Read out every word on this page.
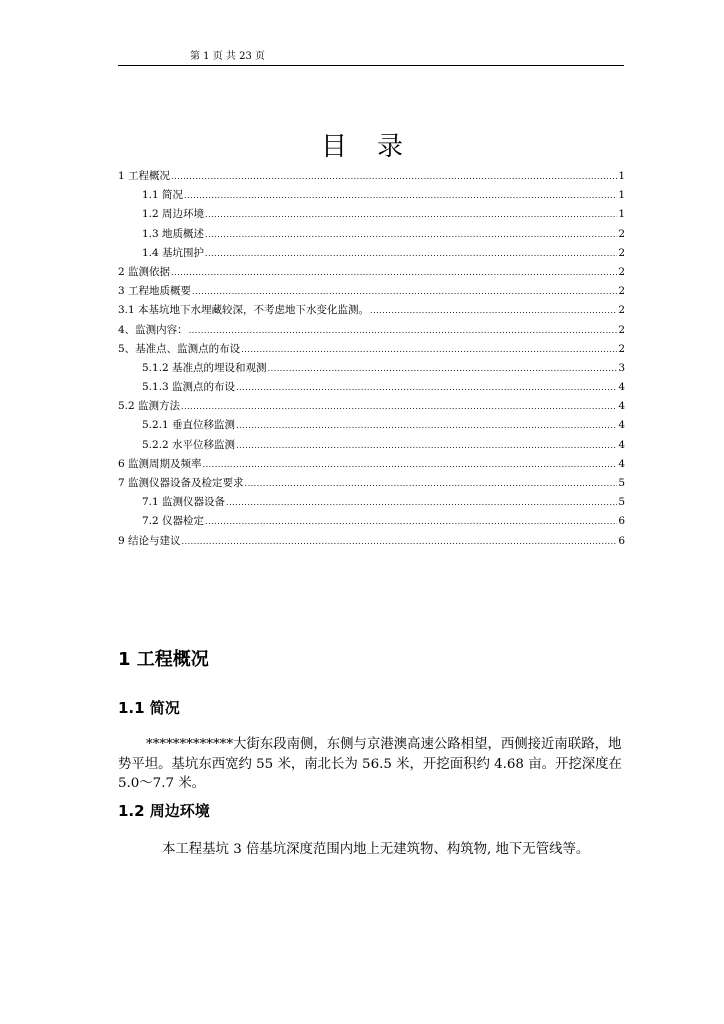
第 1 页 共 23 页
目录
1 工程概况 .....	1
1.1 简况 .....	1
1.2 周边环境 .....	1
1.3 地质概述 .....	2
1.4 基坑围护 .....	2
2 监测依据 .....	2
3 工程地质概要 .....	2
3.1 本基坑地下水埋藏较深，不考虑地下水变化监测。 .....	2
4、监测内容： .....	2
5、基准点、监测点的布设 .....	2
5.1.2 基准点的埋设和观测 .....	3
5.1.3 监测点的布设 .....	4
5.2 监测方法 .....	4
5.2.1 垂直位移监测 .....	4
5.2.2 水平位移监测 .....	4
6 监测周期及频率 .....	4
7 监测仪器设备及检定要求 .....	5
7.1 监测仪器设备 .....	5
7.2 仪器检定 .....	6
9 结论与建议 .....	6
1 工程概况
1.1 简况
*************大街东段南侧，东侧与京港澳高速公路相望，西侧接近南联路，地势平坦。基坑东西宽约 55 米，南北长为 56.5 米，开挖面积约 4.68 亩。开挖深度在 5.0～7.7 米。
1.2 周边环境
本工程基坑 3 倍基坑深度范围内地上无建筑物、构筑物, 地下无管线等。
